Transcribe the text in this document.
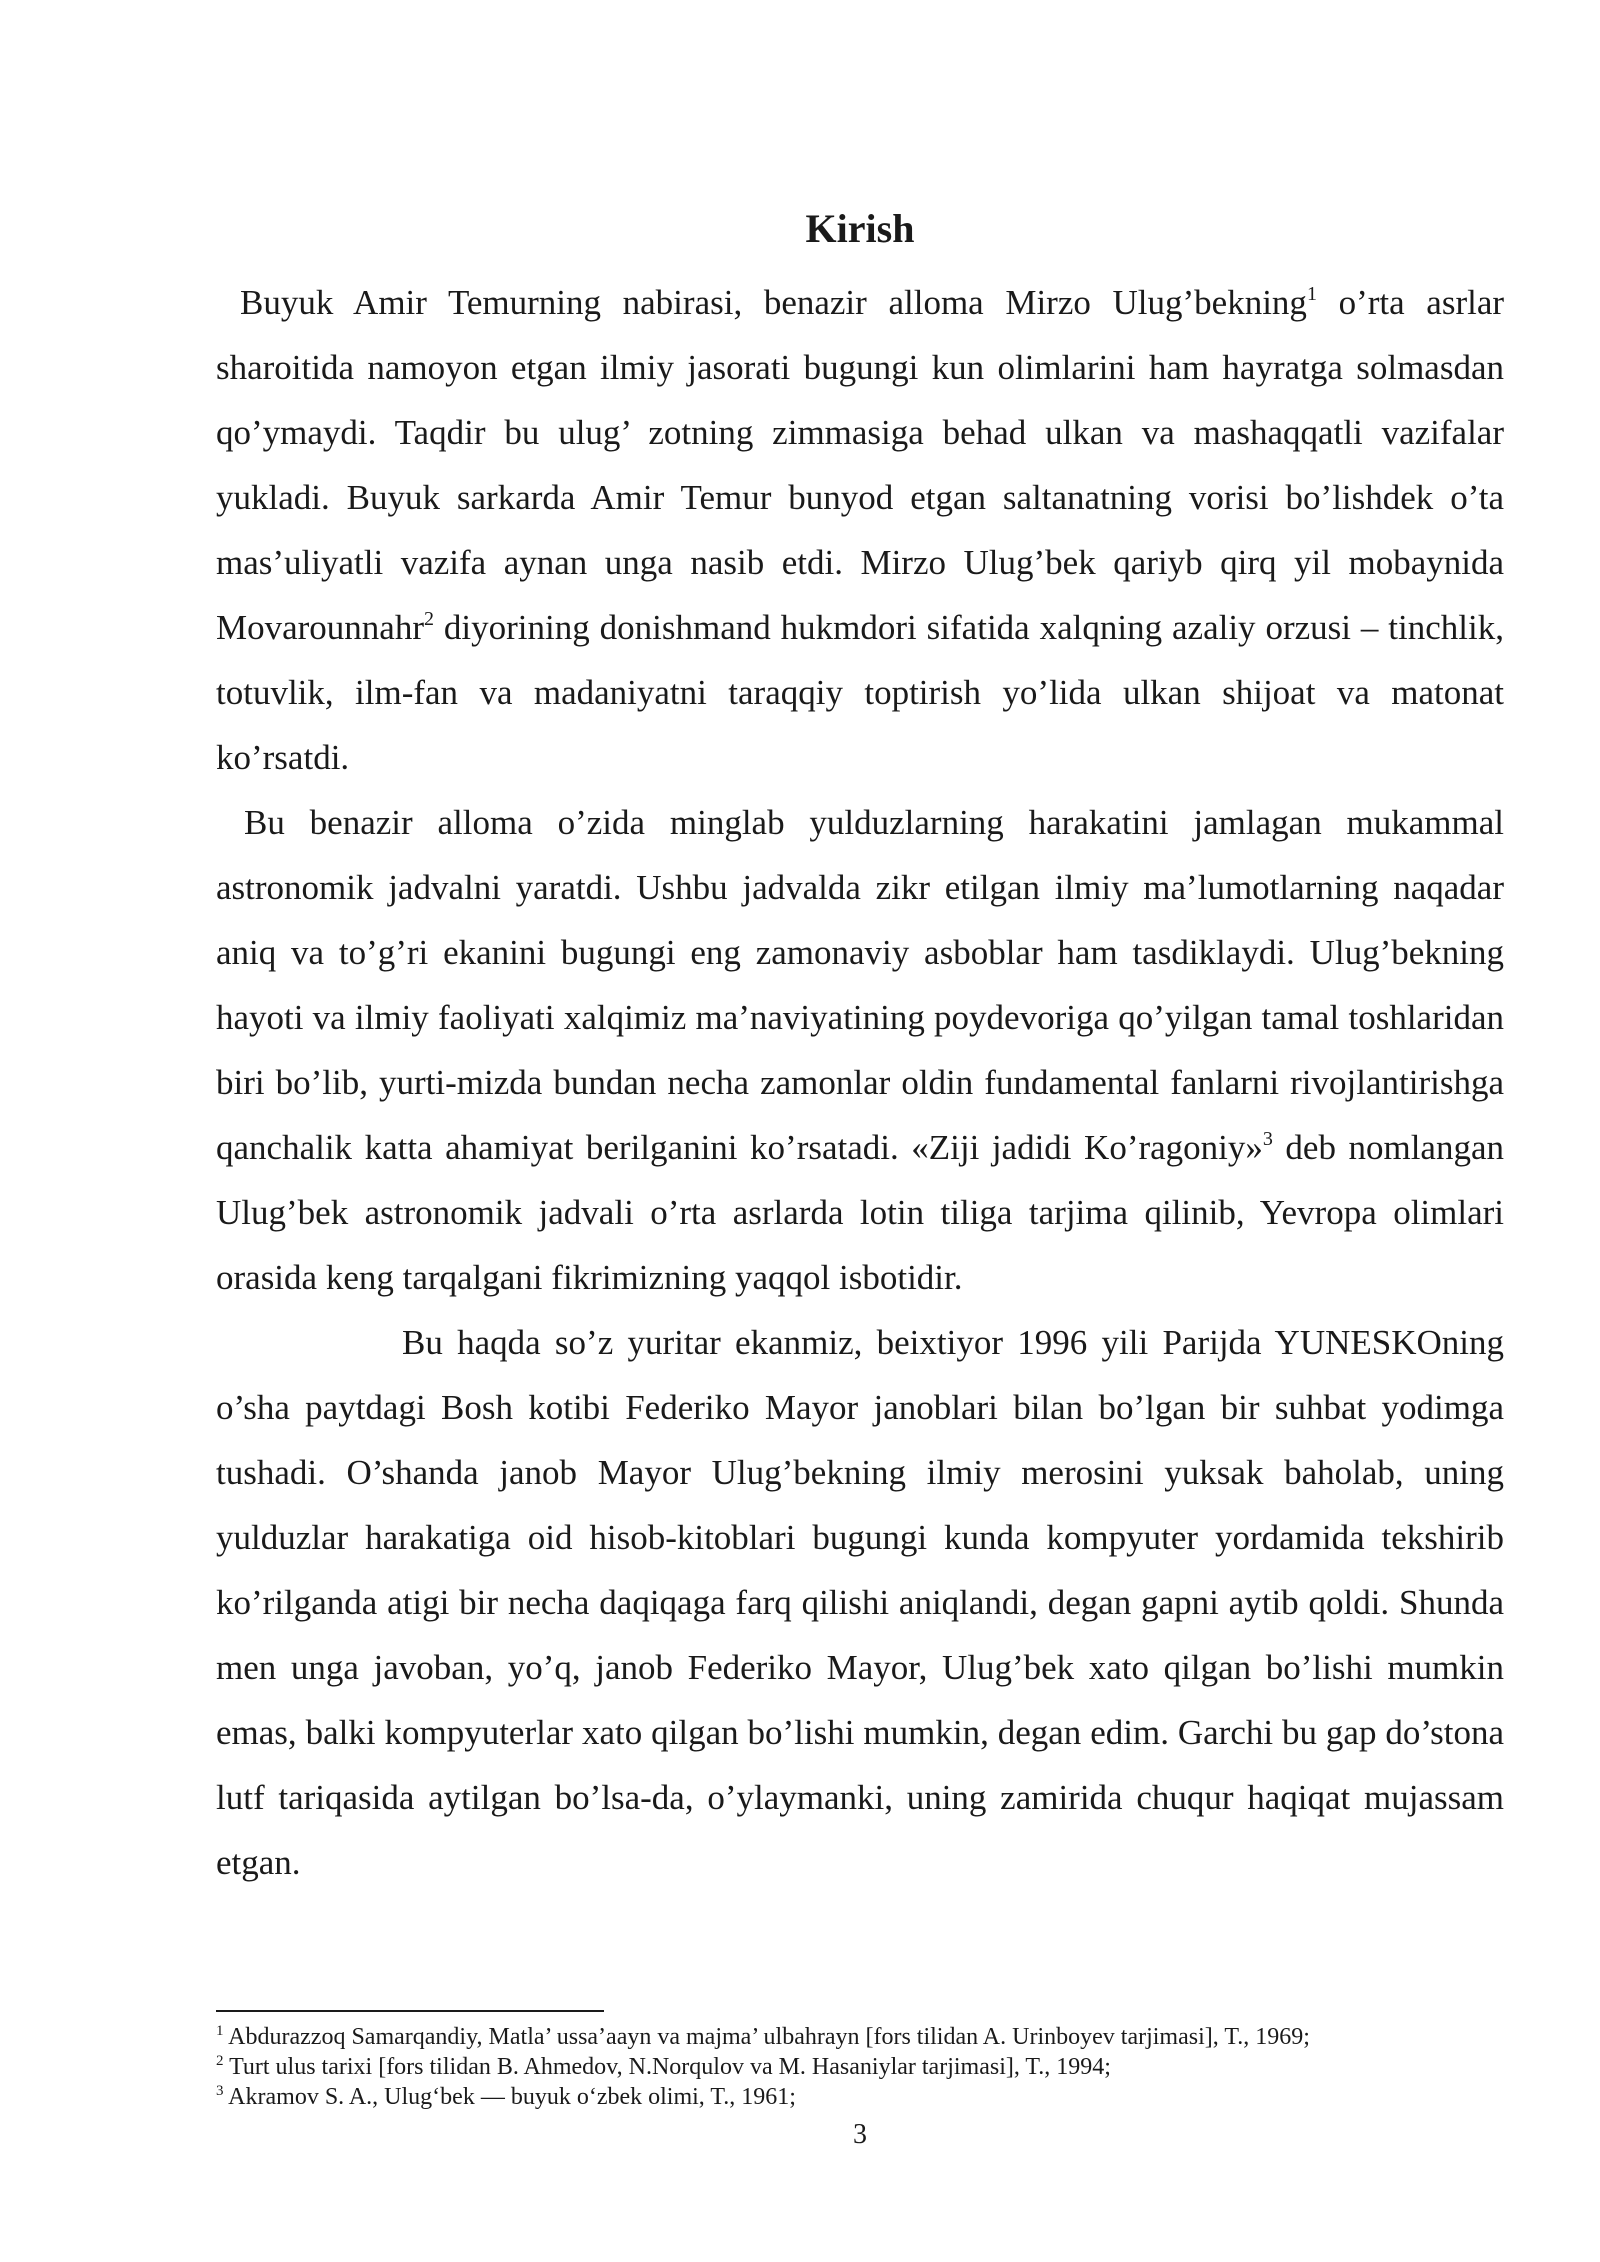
Kirish

Buyuk Amir Temurning nabirasi, benazir alloma Mirzo Ulug’bekning$^1$ o’rta asrlar sharoitida namoyon etgan ilmiy jasorati bugungi kun olimlarini ham hayratga solmasdan qo’ymaydi. Taqdir bu ulug’ zotning zimmasiga behad ulkan va mashaqqatli vazifalar yukladi. Buyuk sarkarda Amir Temur bunyod etgan saltanatning vorisi bo’lishdek o’ta mas’uliyatli vazifa aynan unga nasib etdi. Mirzo Ulug’bek qariyb qirq yil mobaynida Movarounnahr$^2$ diyorining donishmand hukmdori sifatida xalqning azaliy orzusi – tinchlik, totuvlik, ilm-fan va madaniyatni taraqqiy toptirish yo’lida ulkan shijoat va matonat ko’rsatdi.

Bu benazir alloma o’zida minglab yulduzlarning harakatini jamlagan mukammal astronomik jadvalni yaratdi. Ushbu jadvalda zikr etilgan ilmiy ma’lumotlarning naqadar aniq va to’g’ri ekanini bugungi eng zamonaviy asboblar ham tasdiklaydi. Ulug’bekning hayoti va ilmiy faoliyati xalqimiz ma’naviyatining poydevoriga qo’yilgan tamal toshlaridan biri bo’lib, yurti-mizda bundan necha zamonlar oldin fundamental fanlarni rivojlantirishga qanchalik katta ahamiyat berilganini ko’rsatadi. «Ziji jadidi Ko’ragoniy»$^3$ deb nomlangan Ulug’bek astronomik jadvali o’rta asrlarda lotin tiliga tarjima qilinib, Yevropa olimlari orasida keng tarqalgani fikrimizning yaqqol isbotidir.

Bu haqda so’z yuritar ekanmiz, beixtiyor 1996 yili Parijda YUNESKOning o’sha paytdagi Bosh kotibi Federiko Mayor janoblari bilan bo’lgan bir suhbat yodimga tushadi. O’shanda janob Mayor Ulug’bekning ilmiy merosini yuksak baholab, uning yulduzlar harakatiga oid hisob-kitoblari bugungi kunda kompyuter yordamida tekshirib ko’rilganda atigi bir necha daqiqaga farq qilishi aniqlandi, degan gapni aytib qoldi. Shunda men unga javoban, yo’q, janob Federiko Mayor, Ulug’bek xato qilgan bo’lishi mumkin emas, balki kompyuterlar xato qilgan bo’lishi mumkin, degan edim. Garchi bu gap do’stona lutf tariqasida aytilgan bo’lsa-da, o’ylaymanki, uning zamirida chuqur haqiqat mujassam etgan.

$^1$ Abdurazzoq Samarqandiy, Matla’ ussa’aayn va majma’ ulbahrayn [fors tilidan A. Urinboyev tarjimasi], T., 1969;

$^2$ Turt ulus tarixi [fors tilidan B. Ahmedov, N.Norqulov va M. Hasaniylar tarjimasi], T., 1994;

$^3$ Akramov S. A., Ulug‘bek — buyuk o‘zbek olimi, T., 1961;

3
